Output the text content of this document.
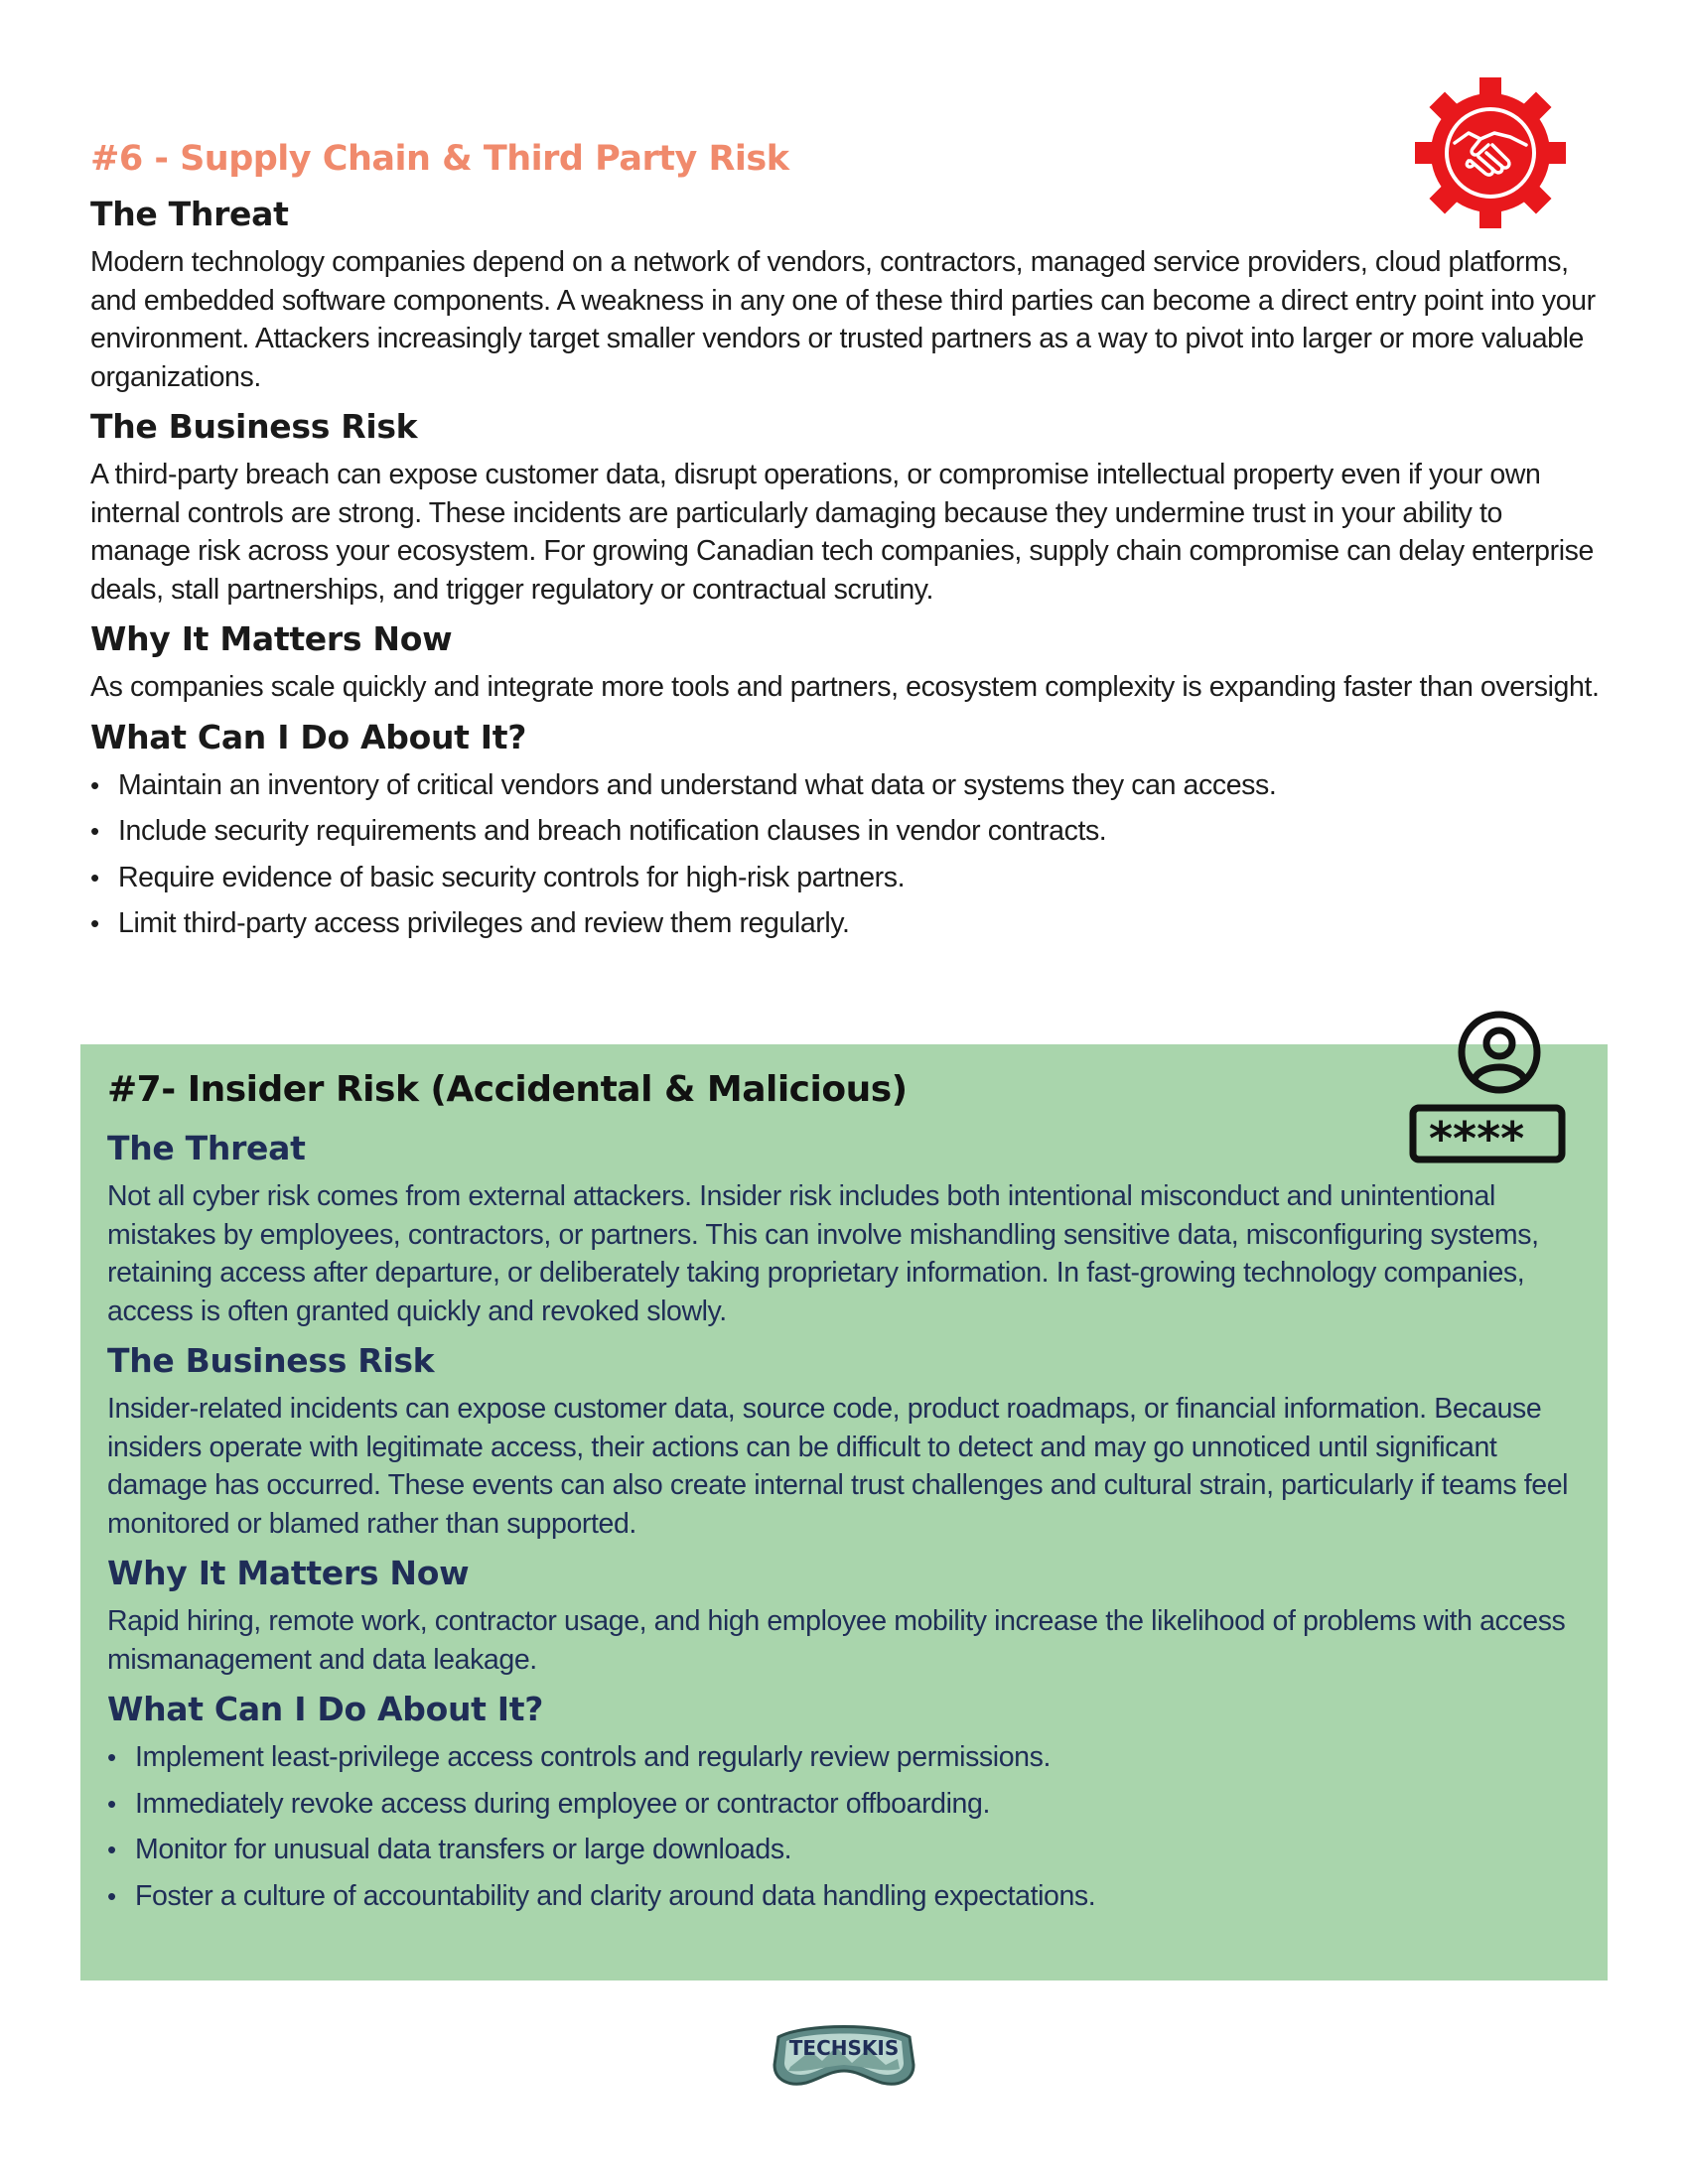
#6 - Supply Chain & Third Party Risk
The Threat

Modern technology companies depend on a network of vendors, contractors, managed service providers, cloud platforms, and embedded software components. A weakness in any one of these third parties can become a direct entry point into your environment. Attackers increasingly target smaller vendors or trusted partners as a way to pivot into larger or more valuable organizations.

The Business Risk

A third-party breach can expose customer data, disrupt operations, or compromise intellectual property even if your own internal controls are strong. These incidents are particularly damaging because they undermine trust in your ability to manage risk across your ecosystem. For growing Canadian tech companies, supply chain compromise can delay enterprise deals, stall partnerships, and trigger regulatory or contractual scrutiny.

Why It Matters Now

As companies scale quickly and integrate more tools and partners, ecosystem complexity is expanding faster than oversight.

What Can I Do About It?
• Maintain an inventory of critical vendors and understand what data or systems they can access.
• Include security requirements and breach notification clauses in vendor contracts.
• Require evidence of basic security controls for high-risk partners.
• Limit third-party access privileges and review them regularly.
****
#7- Insider Risk (Accidental & Malicious)
The Threat

Not all cyber risk comes from external attackers. Insider risk includes both intentional misconduct and unintentional mistakes by employees, contractors, or partners. This can involve mishandling sensitive data, misconfiguring systems, retaining access after departure, or deliberately taking proprietary information. In fast-growing technology companies, access is often granted quickly and revoked slowly.

The Business Risk

Insider-related incidents can expose customer data, source code, product roadmaps, or financial information. Because insiders operate with legitimate access, their actions can be difficult to detect and may go unnoticed until significant damage has occurred. These events can also create internal trust challenges and cultural strain, particularly if teams feel monitored or blamed rather than supported.

Why It Matters Now

Rapid hiring, remote work, contractor usage, and high employee mobility increase the likelihood of problems with access mismanagement and data leakage.

What Can I Do About It?
• Implement least-privilege access controls and regularly review permissions.
• Immediately revoke access during employee or contractor offboarding.
• Monitor for unusual data transfers or large downloads.
• Foster a culture of accountability and clarity around data handling expectations.
TECHSKIS
